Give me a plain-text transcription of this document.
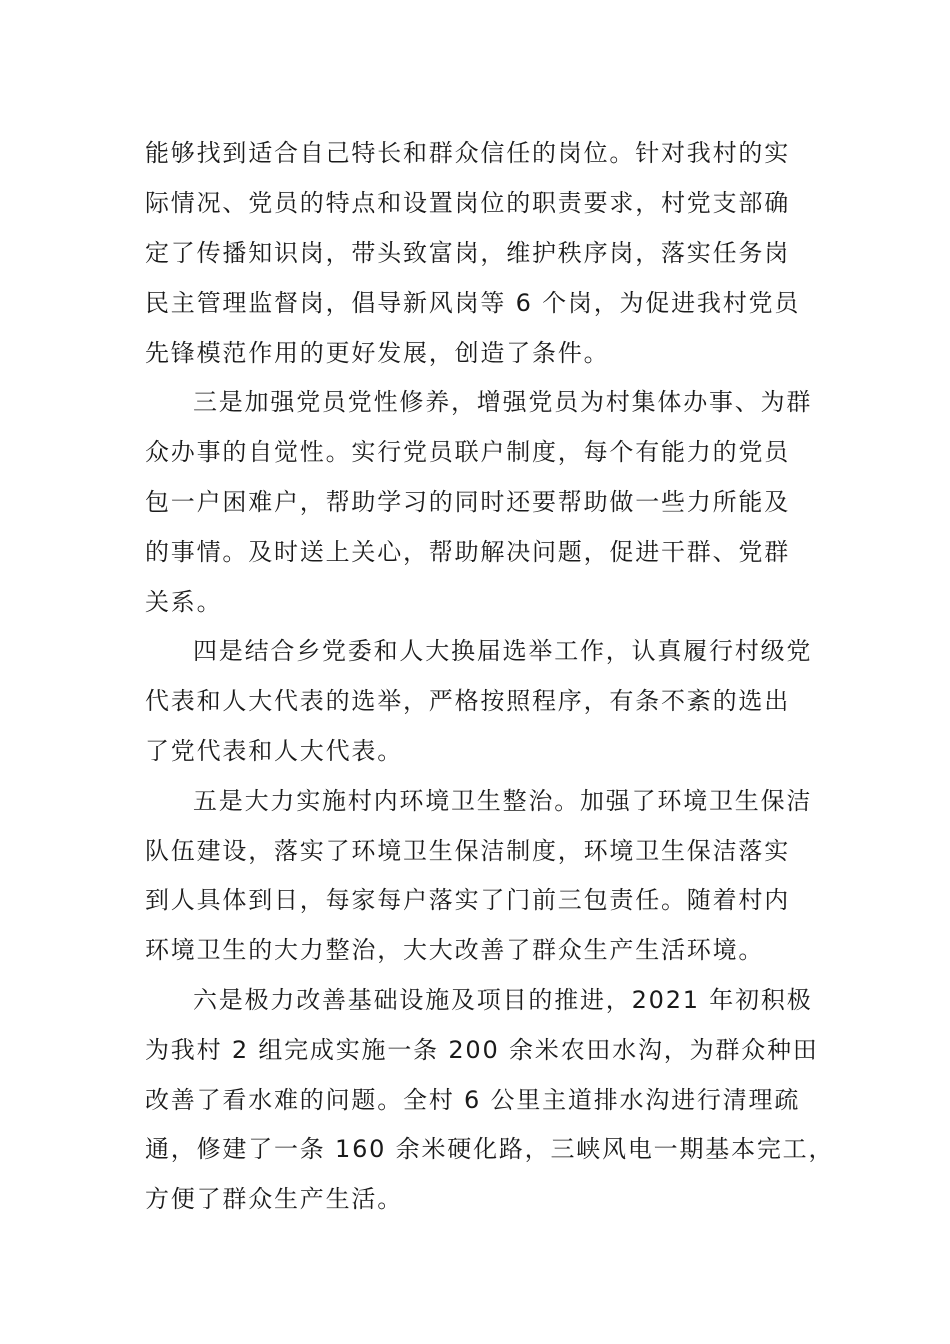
能够找到适合自己特长和群众信任的岗位。针对我村的实
际情况、党员的特点和设置岗位的职责要求，村党支部确
定了传播知识岗，带头致富岗，维护秩序岗，落实任务岗
民主管理监督岗，倡导新风岗等 6 个岗，为促进我村党员
先锋模范作用的更好发展，创造了条件。
三是加强党员党性修养，增强党员为村集体办事、为群
众办事的自觉性。实行党员联户制度，每个有能力的党员
包一户困难户，帮助学习的同时还要帮助做一些力所能及
的事情。及时送上关心，帮助解决问题，促进干群、党群
关系。
四是结合乡党委和人大换届选举工作，认真履行村级党
代表和人大代表的选举，严格按照程序，有条不紊的选出
了党代表和人大代表。
五是大力实施村内环境卫生整治。加强了环境卫生保洁
队伍建设，落实了环境卫生保洁制度，环境卫生保洁落实
到人具体到日，每家每户落实了门前三包责任。随着村内
环境卫生的大力整治，大大改善了群众生产生活环境。
六是极力改善基础设施及项目的推进，2021 年初积极
为我村 2 组完成实施一条 200 余米农田水沟，为群众种田
改善了看水难的问题。全村 6 公里主道排水沟进行清理疏
通，修建了一条 160 余米硬化路，三峡风电一期基本完工，
方便了群众生产生活。
